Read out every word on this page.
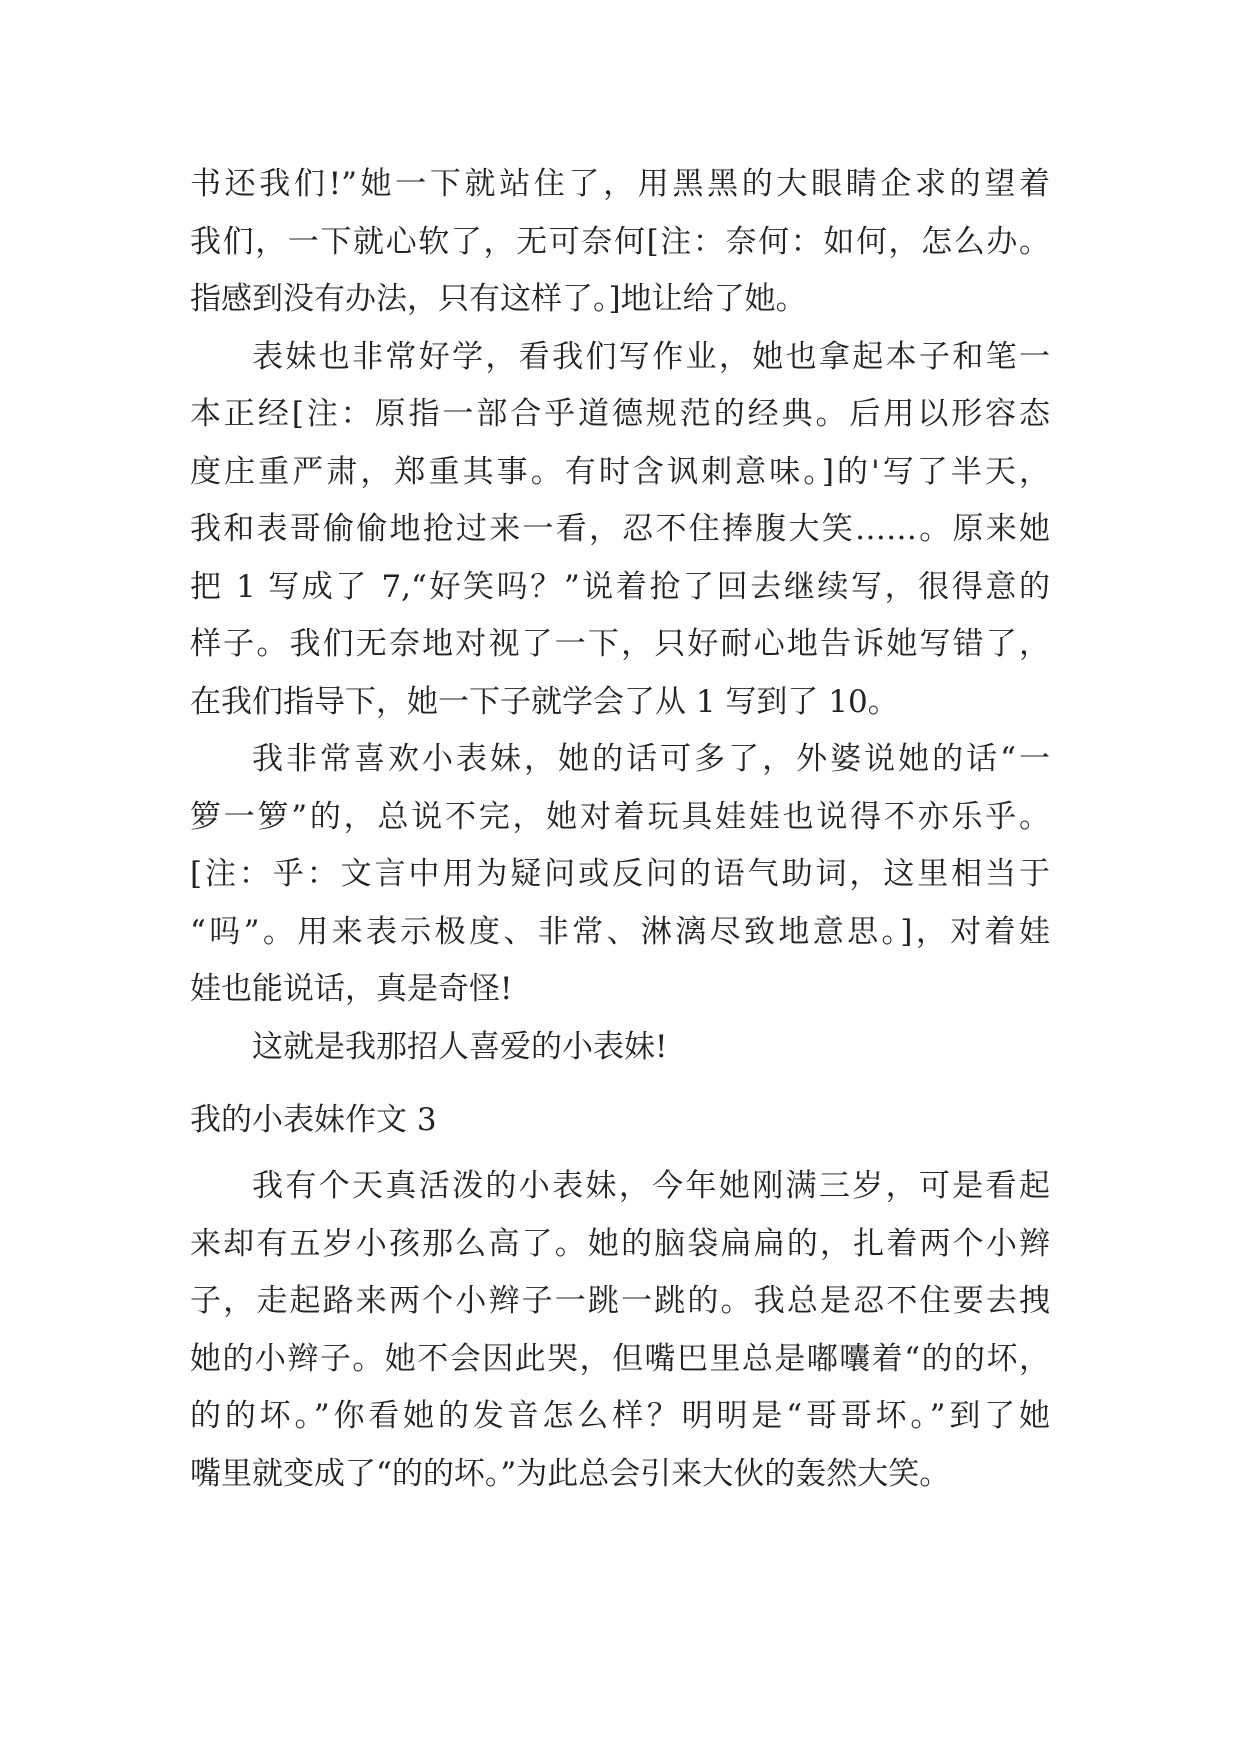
书还我们!”她一下就站住了，用黑黑的大眼睛企求的望着
我们，一下就心软了，无可奈何[注：奈何：如何，怎么办。
指感到没有办法，只有这样了。]地让给了她。
表妹也非常好学，看我们写作业，她也拿起本子和笔一
本正经[注：原指一部合乎道德规范的经典。后用以形容态
度庄重严肃，郑重其事。有时含讽刺意味。]的'写了半天，
我和表哥偷偷地抢过来一看，忍不住捧腹大笑……。原来她
把 1 写成了 7,“好笑吗？”说着抢了回去继续写，很得意的
样子。我们无奈地对视了一下，只好耐心地告诉她写错了，
在我们指导下，她一下子就学会了从 1 写到了 10。
我非常喜欢小表妹，她的话可多了，外婆说她的话“一
箩一箩”的，总说不完，她对着玩具娃娃也说得不亦乐乎。
[注：乎：文言中用为疑问或反问的语气助词，这里相当于
“吗”。用来表示极度、非常、淋漓尽致地意思。]，对着娃
娃也能说话，真是奇怪!
这就是我那招人喜爱的小表妹!
我的小表妹作文 3
我有个天真活泼的小表妹，今年她刚满三岁，可是看起
来却有五岁小孩那么高了。她的脑袋扁扁的，扎着两个小辫
子，走起路来两个小辫子一跳一跳的。我总是忍不住要去拽
她的小辫子。她不会因此哭，但嘴巴里总是嘟囔着“的的坏，
的的坏。”你看她的发音怎么样？明明是“哥哥坏。”到了她
嘴里就变成了“的的坏。”为此总会引来大伙的轰然大笑。
